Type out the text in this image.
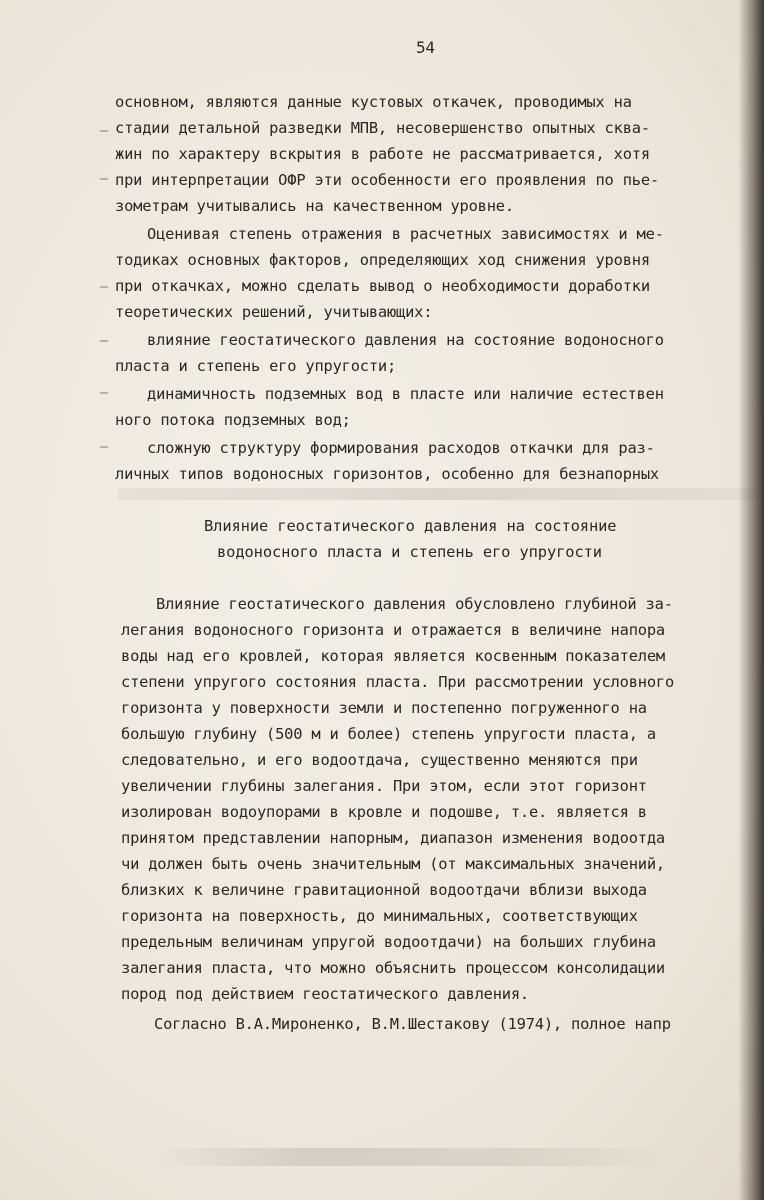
54
основном, являются данные кустовых откачек, проводимых на
стадии детальной разведки МПВ, несовершенство опытных сква-
жин по характеру вскрытия в работе не рассматривается, хотя
при интерпретации ОФР эти особенности его проявления по пье-
зометрам учитывались на качественном уровне.
Оценивая степень отражения в расчетных зависимостях и ме-
тодиках основных факторов, определяющих ход снижения уровня
при откачках, можно сделать вывод о необходимости доработки
теоретических решений, учитывающих:
влияние геостатического давления на состояние водоносного
пласта и степень его упругости;
динамичность подземных вод в пласте или наличие естествен
ного потока подземных вод;
сложную структуру формирования расходов откачки для раз-
личных типов водоносных горизонтов, особенно для безнапорных
Влияние геостатического давления на состояние
водоносного пласта и степень его упругости
Влияние геостатического давления обусловлено глубиной за-
легания водоносного горизонта и отражается в величине напора
воды над его кровлей, которая является косвенным показателем
степени упругого состояния пласта. При рассмотрении условного
горизонта у поверхности земли и постепенно погруженного на
большую глубину (500 м и более) степень упругости пласта, а
следовательно, и его водоотдача, существенно меняются при
увеличении глубины залегания. При этом, если этот горизонт
изолирован водоупорами в кровле и подошве, т.е. является в
принятом представлении напорным, диапазон изменения водоотда
чи должен быть очень значительным (от максимальных значений,
близких к величине гравитационной водоотдачи вблизи выхода
горизонта на поверхность, до минимальных, соответствующих
предельным величинам упругой водоотдачи) на больших глубина
залегания пласта, что можно объяснить процессом консолидации
пород под действием геостатического давления.
Согласно В.А.Мироненко, В.М.Шестакову (1974), полное напр
